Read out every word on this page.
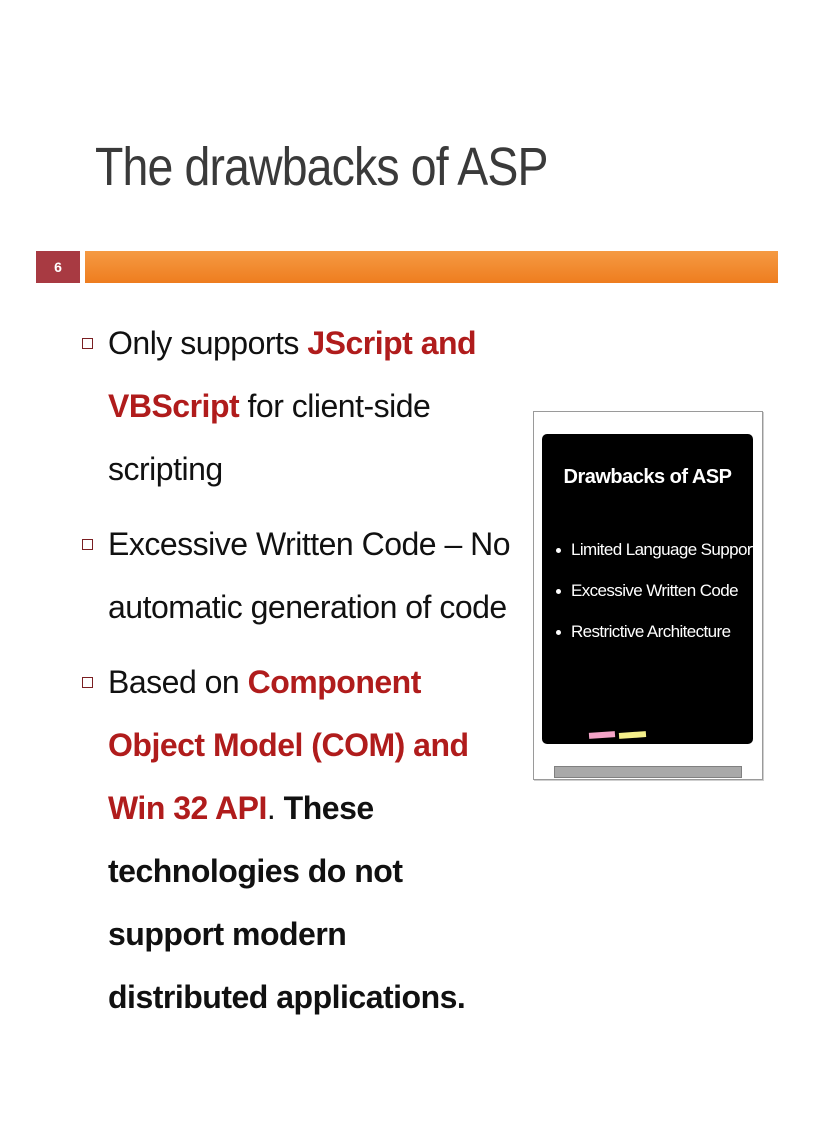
The drawbacks of ASP
6
Only supports JScript and VBScript for client-side scripting
Excessive Written Code – No automatic generation of code
Based on Component Object Model (COM) and Win 32 API. These technologies do not support modern distributed applications.
Drawbacks of ASP
Limited Language Support
Excessive Written Code
Restrictive Architecture
